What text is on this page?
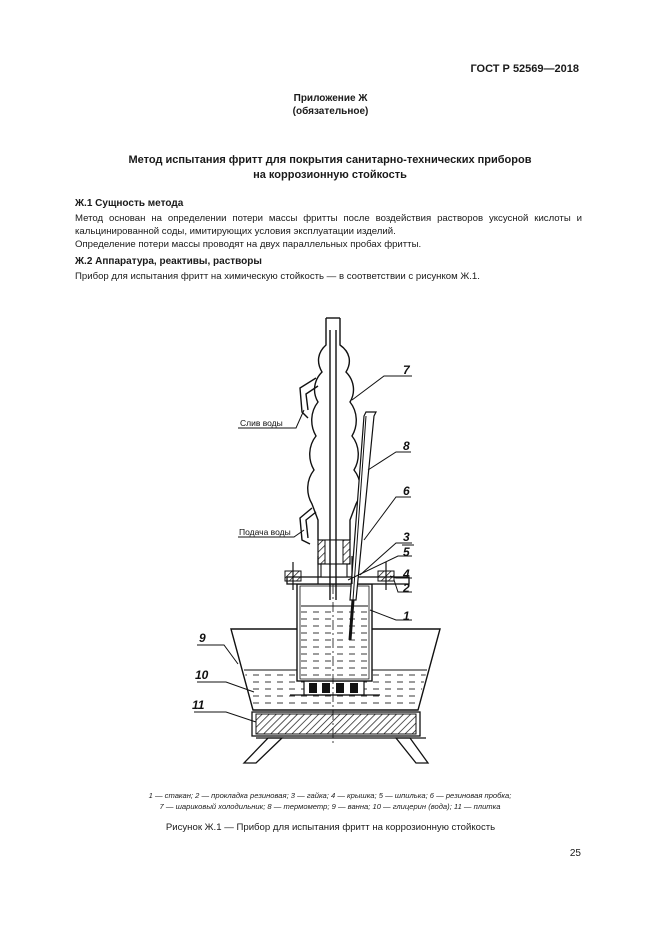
ГОСТ Р 52569—2018
Приложение Ж
(обязательное)
Метод испытания фритт для покрытия санитарно-технических приборов
на коррозионную стойкость
Ж.1 Сущность метода

Метод основан на определении потери массы фритты после воздействия растворов уксусной кислоты и кальцинированной соды, имитирующих условия эксплуатации изделий.

Определение потери массы проводят на двух параллельных пробах фритты.

Ж.2 Аппаратура, реактивы, растворы

Прибор для испытания фритт на химическую стойкость — в соответствии с рисунком Ж.1.

7
8
6
3
5
4
2
1
9
10
11
Слив воды
Подача воды
1 — стакан; 2 — прокладка резиновая; 3 — гайка; 4 — крышка; 5 — шпилька; 6 — резиновая пробка;
7 — шариковый холодильник; 8 — термометр; 9 — ванна; 10 — глицерин (вода); 11 — плитка
Рисунок Ж.1 — Прибор для испытания фритт на коррозионную стойкость
25
